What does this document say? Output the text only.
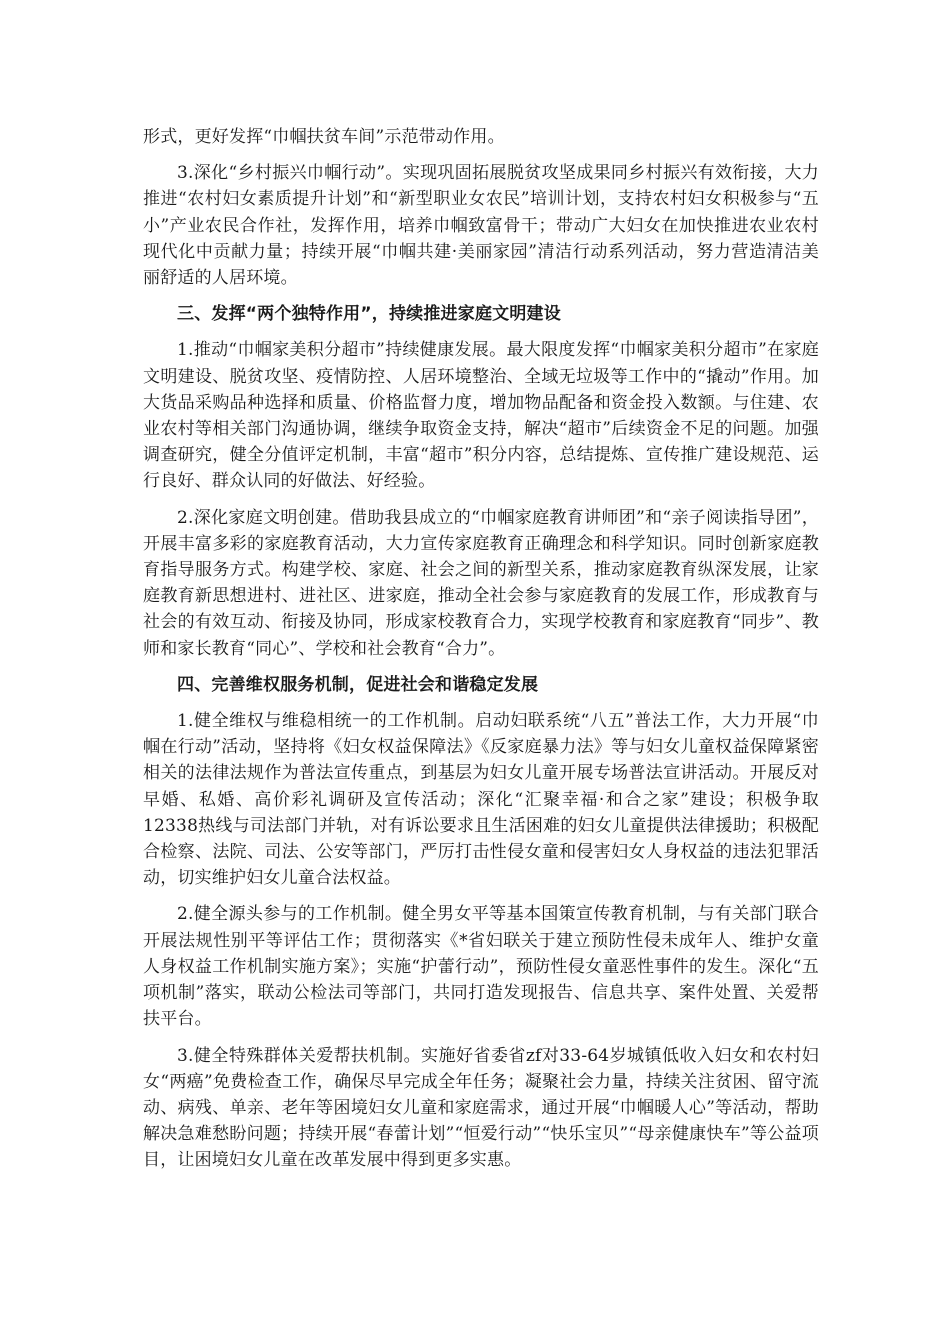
形式，更好发挥“巾帼扶贫车间”示范带动作用。

3.深化“乡村振兴巾帼行动”。实现巩固拓展脱贫攻坚成果同乡村振兴有效衔接，大力推进“农村妇女素质提升计划”和“新型职业女农民”培训计划，支持农村妇女积极参与“五小”产业农民合作社，发挥作用，培养巾帼致富骨干；带动广大妇女在加快推进农业农村现代化中贡献力量；持续开展“巾帼共建·美丽家园”清洁行动系列活动，努力营造清洁美丽舒适的人居环境。

三、发挥“两个独特作用”，持续推进家庭文明建设

1.推动“巾帼家美积分超市”持续健康发展。最大限度发挥“巾帼家美积分超市”在家庭文明建设、脱贫攻坚、疫情防控、人居环境整治、全域无垃圾等工作中的“撬动”作用。加大货品采购品种选择和质量、价格监督力度，增加物品配备和资金投入数额。与住建、农业农村等相关部门沟通协调，继续争取资金支持，解决“超市”后续资金不足的问题。加强调查研究，健全分值评定机制，丰富“超市”积分内容，总结提炼、宣传推广建设规范、运行良好、群众认同的好做法、好经验。

2.深化家庭文明创建。借助我县成立的“巾帼家庭教育讲师团”和“亲子阅读指导团”，开展丰富多彩的家庭教育活动，大力宣传家庭教育正确理念和科学知识。同时创新家庭教育指导服务方式。构建学校、家庭、社会之间的新型关系，推动家庭教育纵深发展，让家庭教育新思想进村、进社区、进家庭，推动全社会参与家庭教育的发展工作，形成教育与社会的有效互动、衔接及协同，形成家校教育合力，实现学校教育和家庭教育“同步”、教师和家长教育“同心”、学校和社会教育“合力”。

四、完善维权服务机制，促进社会和谐稳定发展

1.健全维权与维稳相统一的工作机制。启动妇联系统“八五”普法工作，大力开展“巾帼在行动”活动，坚持将《妇女权益保障法》《反家庭暴力法》等与妇女儿童权益保障紧密相关的法律法规作为普法宣传重点，到基层为妇女儿童开展专场普法宣讲活动。开展反对早婚、私婚、高价彩礼调研及宣传活动；深化“汇聚幸福·和合之家”建设；积极争取12338热线与司法部门并轨，对有诉讼要求且生活困难的妇女儿童提供法律援助；积极配合检察、法院、司法、公安等部门，严厉打击性侵女童和侵害妇女人身权益的违法犯罪活动，切实维护妇女儿童合法权益。

2.健全源头参与的工作机制。健全男女平等基本国策宣传教育机制，与有关部门联合开展法规性别平等评估工作；贯彻落实《*省妇联关于建立预防性侵未成年人、维护女童人身权益工作机制实施方案》；实施“护蕾行动”，预防性侵女童恶性事件的发生。深化“五项机制”落实，联动公检法司等部门，共同打造发现报告、信息共享、案件处置、关爱帮扶平台。

3.健全特殊群体关爱帮扶机制。实施好省委省zf对33-64岁城镇低收入妇女和农村妇女“两癌”免费检查工作，确保尽早完成全年任务；凝聚社会力量，持续关注贫困、留守流动、病残、单亲、老年等困境妇女儿童和家庭需求，通过开展“巾帼暖人心”等活动，帮助解决急难愁盼问题；持续开展“春蕾计划”“恒爱行动”“快乐宝贝”“母亲健康快车”等公益项目，让困境妇女儿童在改革发展中得到更多实惠。
